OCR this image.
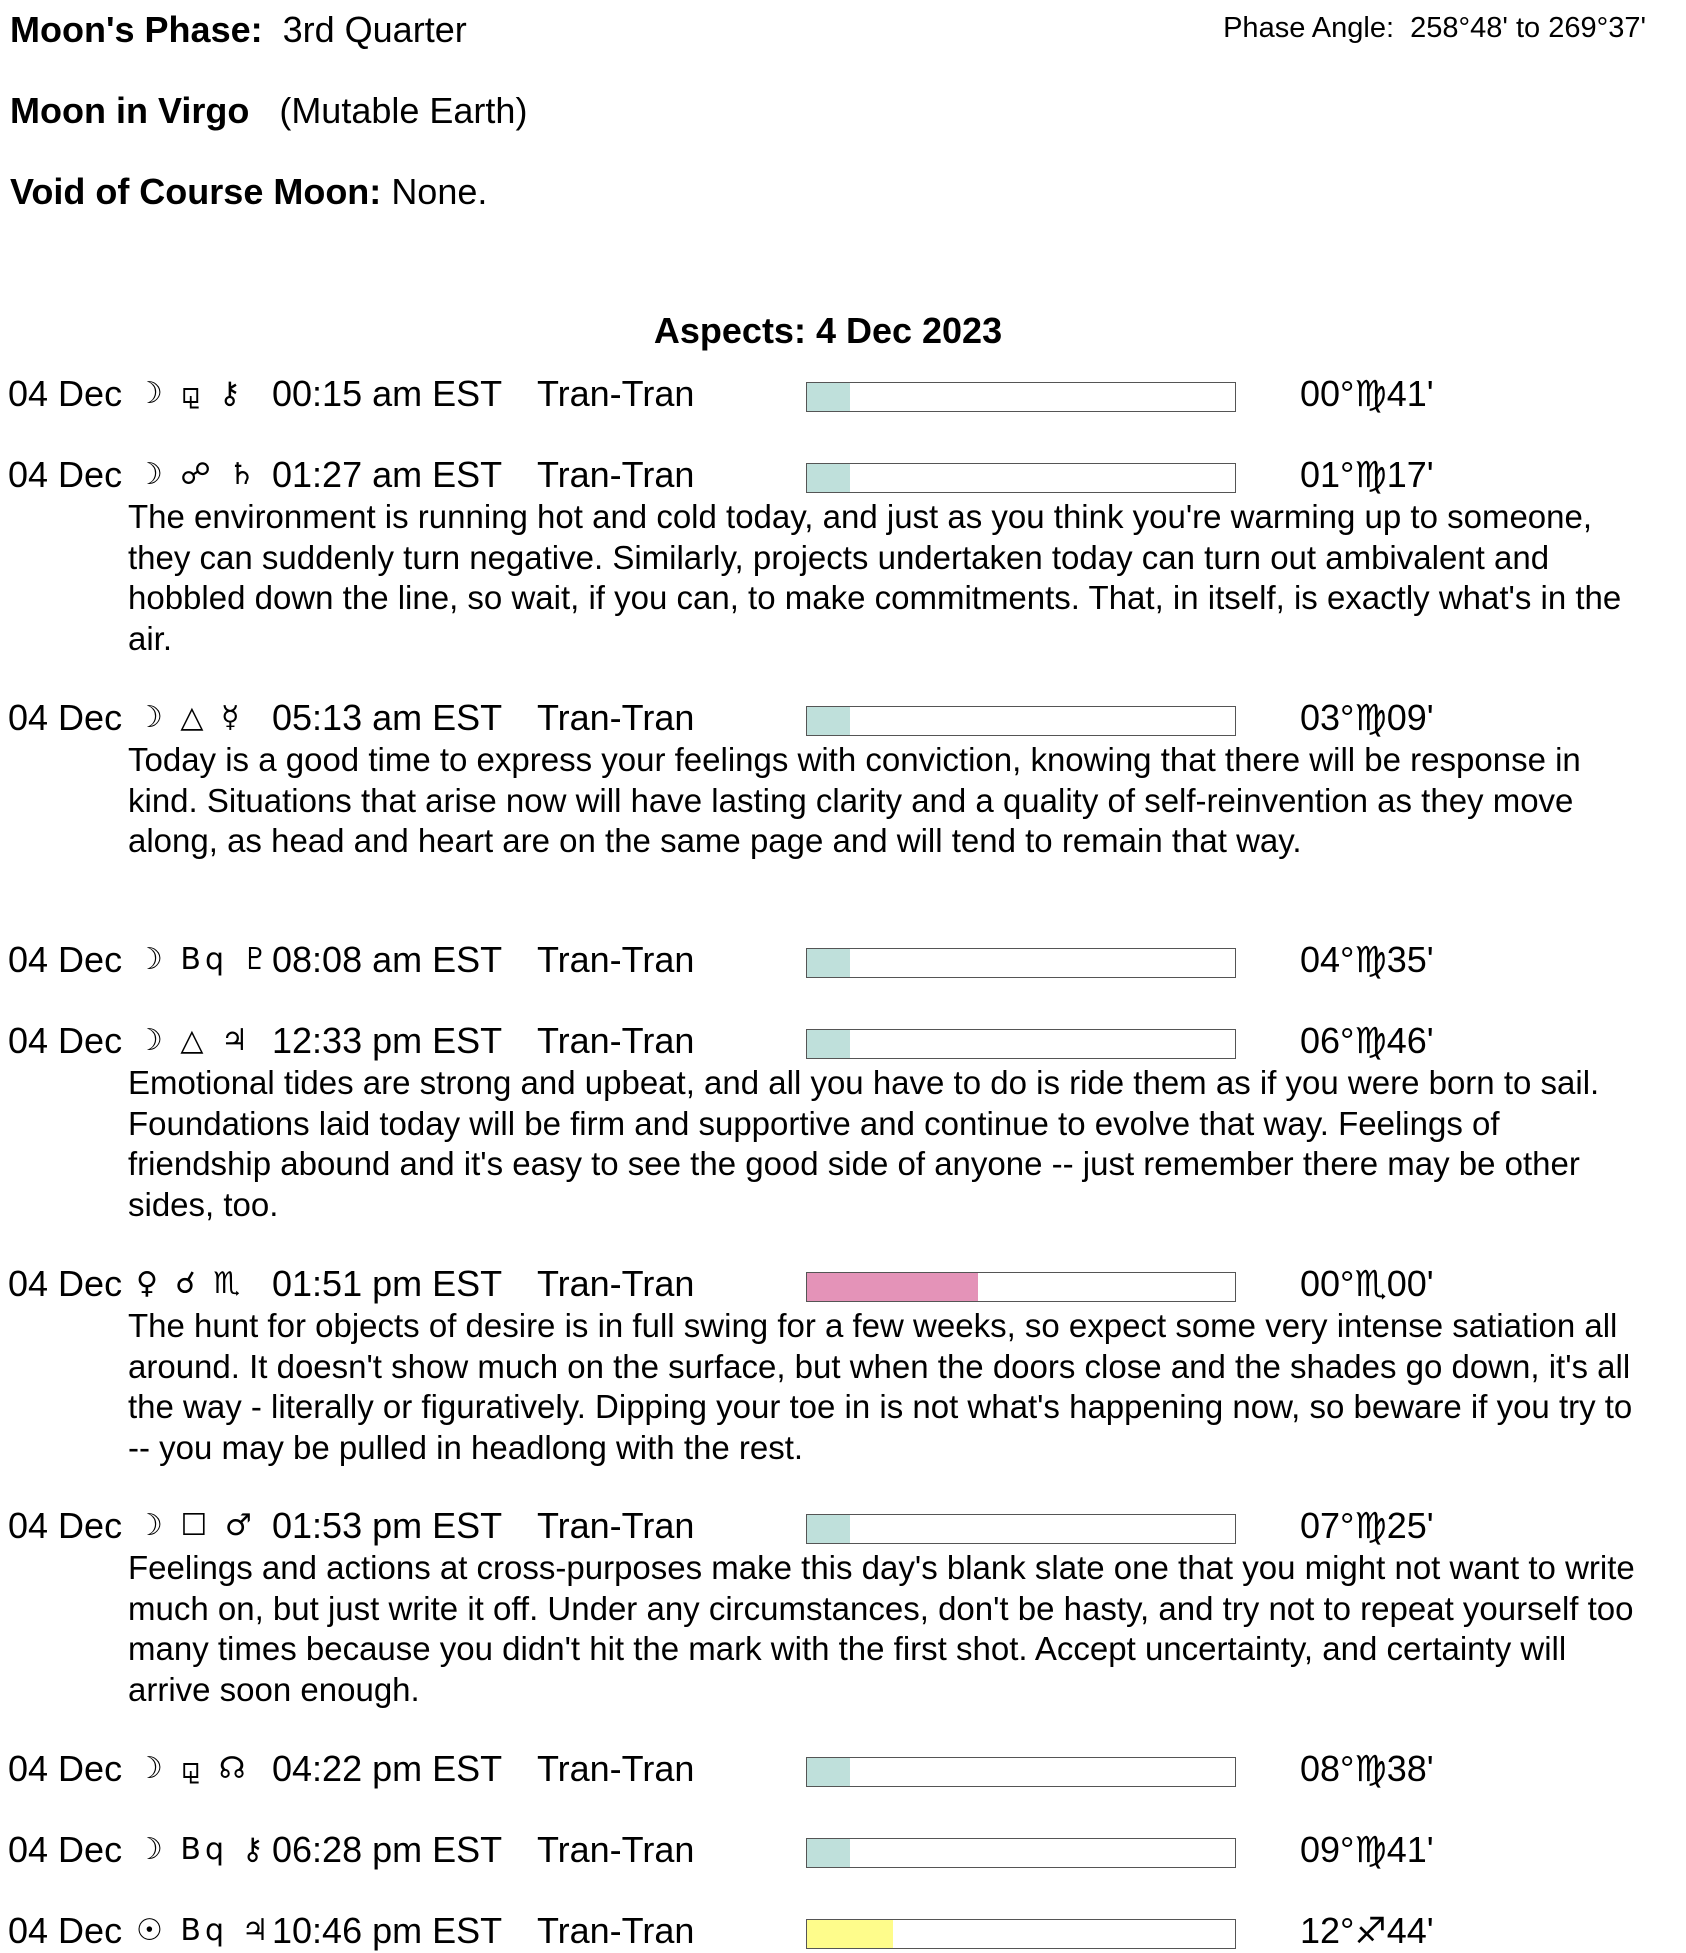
Moon's Phase: 3rd Quarter	Phase Angle: 258°48' to 269°37'
Moon in Virgo (Mutable Earth)
Void of Course Moon: None.
Aspects: 4 Dec 2023
04 Dec ☽ ⚼ ⚷ 00:15 am EST Tran-Tran	00°♍41'
04 Dec ☽ ☍ ♄ 01:27 am EST Tran-Tran	01°♍17'
The environment is running hot and cold today, and just as you think you're warming up to someone, they can suddenly turn negative. Similarly, projects undertaken today can turn out ambivalent and hobbled down the line, so wait, if you can, to make commitments. That, in itself, is exactly what's in the air.
04 Dec ☽ △ ☿ 05:13 am EST Tran-Tran	03°♍09'
Today is a good time to express your feelings with conviction, knowing that there will be response in kind. Situations that arise now will have lasting clarity and a quality of self-reinvention as they move along, as head and heart are on the same page and will tend to remain that way.
04 Dec ☽ Bq ♇ 08:08 am EST Tran-Tran	04°♍35'
04 Dec ☽ △ ♃ 12:33 pm EST Tran-Tran	06°♍46'
Emotional tides are strong and upbeat, and all you have to do is ride them as if you were born to sail. Foundations laid today will be firm and supportive and continue to evolve that way. Feelings of friendship abound and it's easy to see the good side of anyone -- just remember there may be other sides, too.
04 Dec ♀ ☌ ♏ 01:51 pm EST Tran-Tran	00°♏00'
The hunt for objects of desire is in full swing for a few weeks, so expect some very intense satiation all around. It doesn't show much on the surface, but when the doors close and the shades go down, it's all the way - literally or figuratively. Dipping your toe in is not what's happening now, so beware if you try to -- you may be pulled in headlong with the rest.
04 Dec ☽ ☐ ♂ 01:53 pm EST Tran-Tran	07°♍25'
Feelings and actions at cross-purposes make this day's blank slate one that you might not want to write much on, but just write it off. Under any circumstances, don't be hasty, and try not to repeat yourself too many times because you didn't hit the mark with the first shot. Accept uncertainty, and certainty will arrive soon enough.
04 Dec ☽ ⚼ ☊ 04:22 pm EST Tran-Tran	08°♍38'
04 Dec ☽ Bq ⚷ 06:28 pm EST Tran-Tran	09°♍41'
04 Dec ☉ Bq ♃ 10:46 pm EST Tran-Tran	12°♐44'
